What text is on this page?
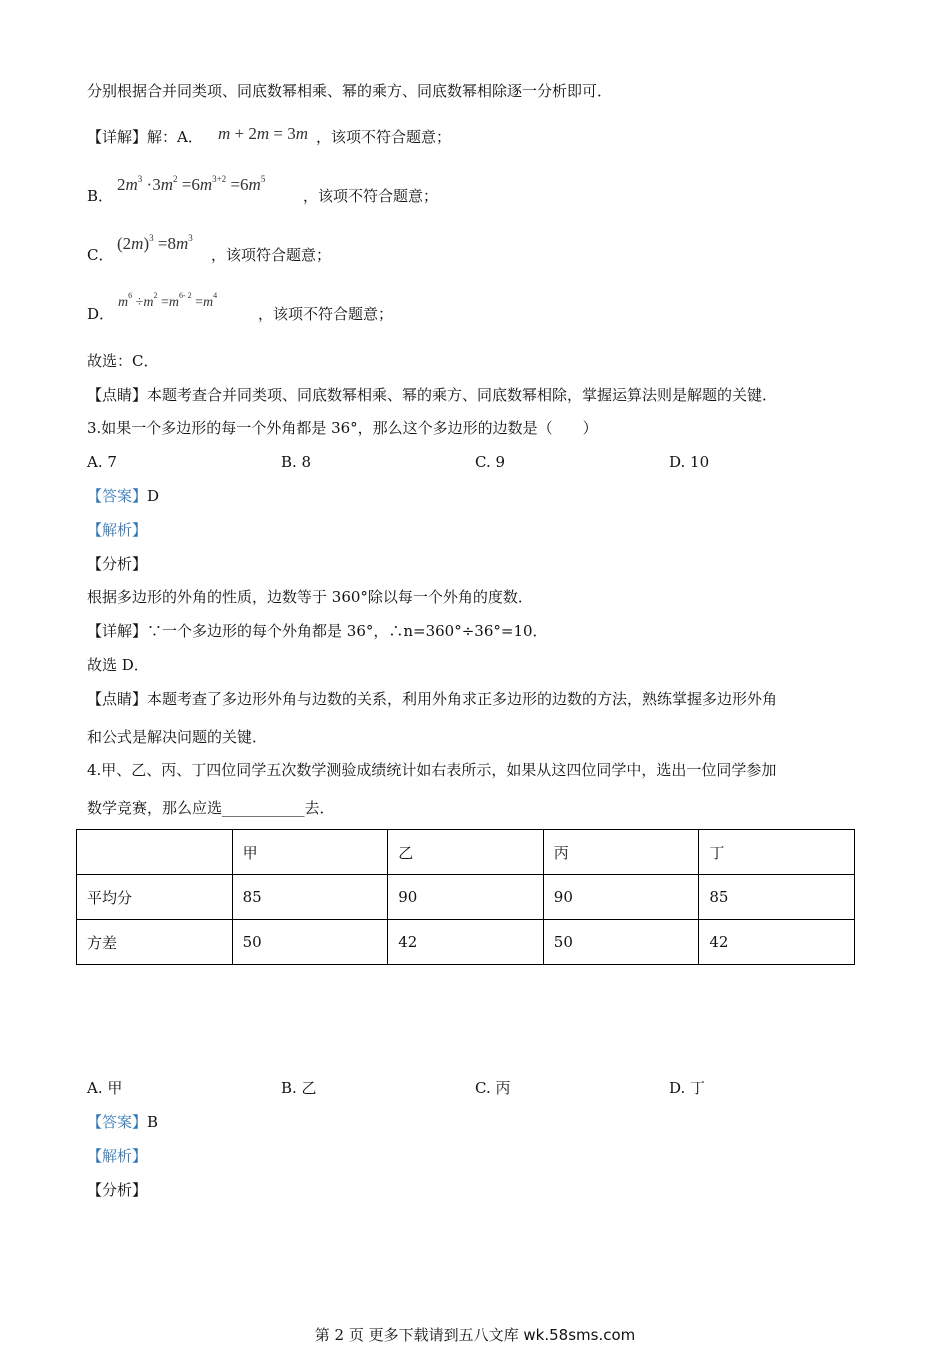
分别根据合并同类项、同底数幂相乘、幂的乘方、同底数幂相除逐一分析即可．
【详解】解：A． m + 2m = 3m ，该项不符合题意；
B．
$2m^3 \cdot 3m^2 =6m^{3+2} =6m^5$
，该项不符合题意；
C．
$(2m)^3 =8m^3$
，该项符合题意；
D．
$m^6 \div m^2 =m^{6- 2} =m^4$
，该项不符合题意；
故选：C．
【点睛】本题考查合并同类项、同底数幂相乘、幂的乘方、同底数幂相除，掌握运算法则是解题的关键．
3.如果一个多边形的每一个外角都是 36°，那么这个多边形的边数是（　　）
A. 7	B. 8	C. 9	D. 10
【答案】D
【解析】
【分析】
根据多边形的外角的性质，边数等于 360°除以每一个外角的度数．
【详解】∵一个多边形的每个外角都是 36°，∴n=360°÷36°=10．
故选 D．
【点睛】本题考查了多边形外角与边数的关系，利用外角求正多边形的边数的方法，熟练掌握多边形外角
和公式是解决问题的关键．
4.甲、乙、丙、丁四位同学五次数学测验成绩统计如右表所示，如果从这四位同学中，选出一位同学参加
数学竞赛，那么应选___________去．
	甲	乙	丙	丁
平均分	85	90	90	85
方差	50	42	50	42
A. 甲	B. 乙	C. 丙	D. 丁
【答案】B
【解析】
【分析】
第 2 页 更多下载请到五八文库 wk.58sms.com
